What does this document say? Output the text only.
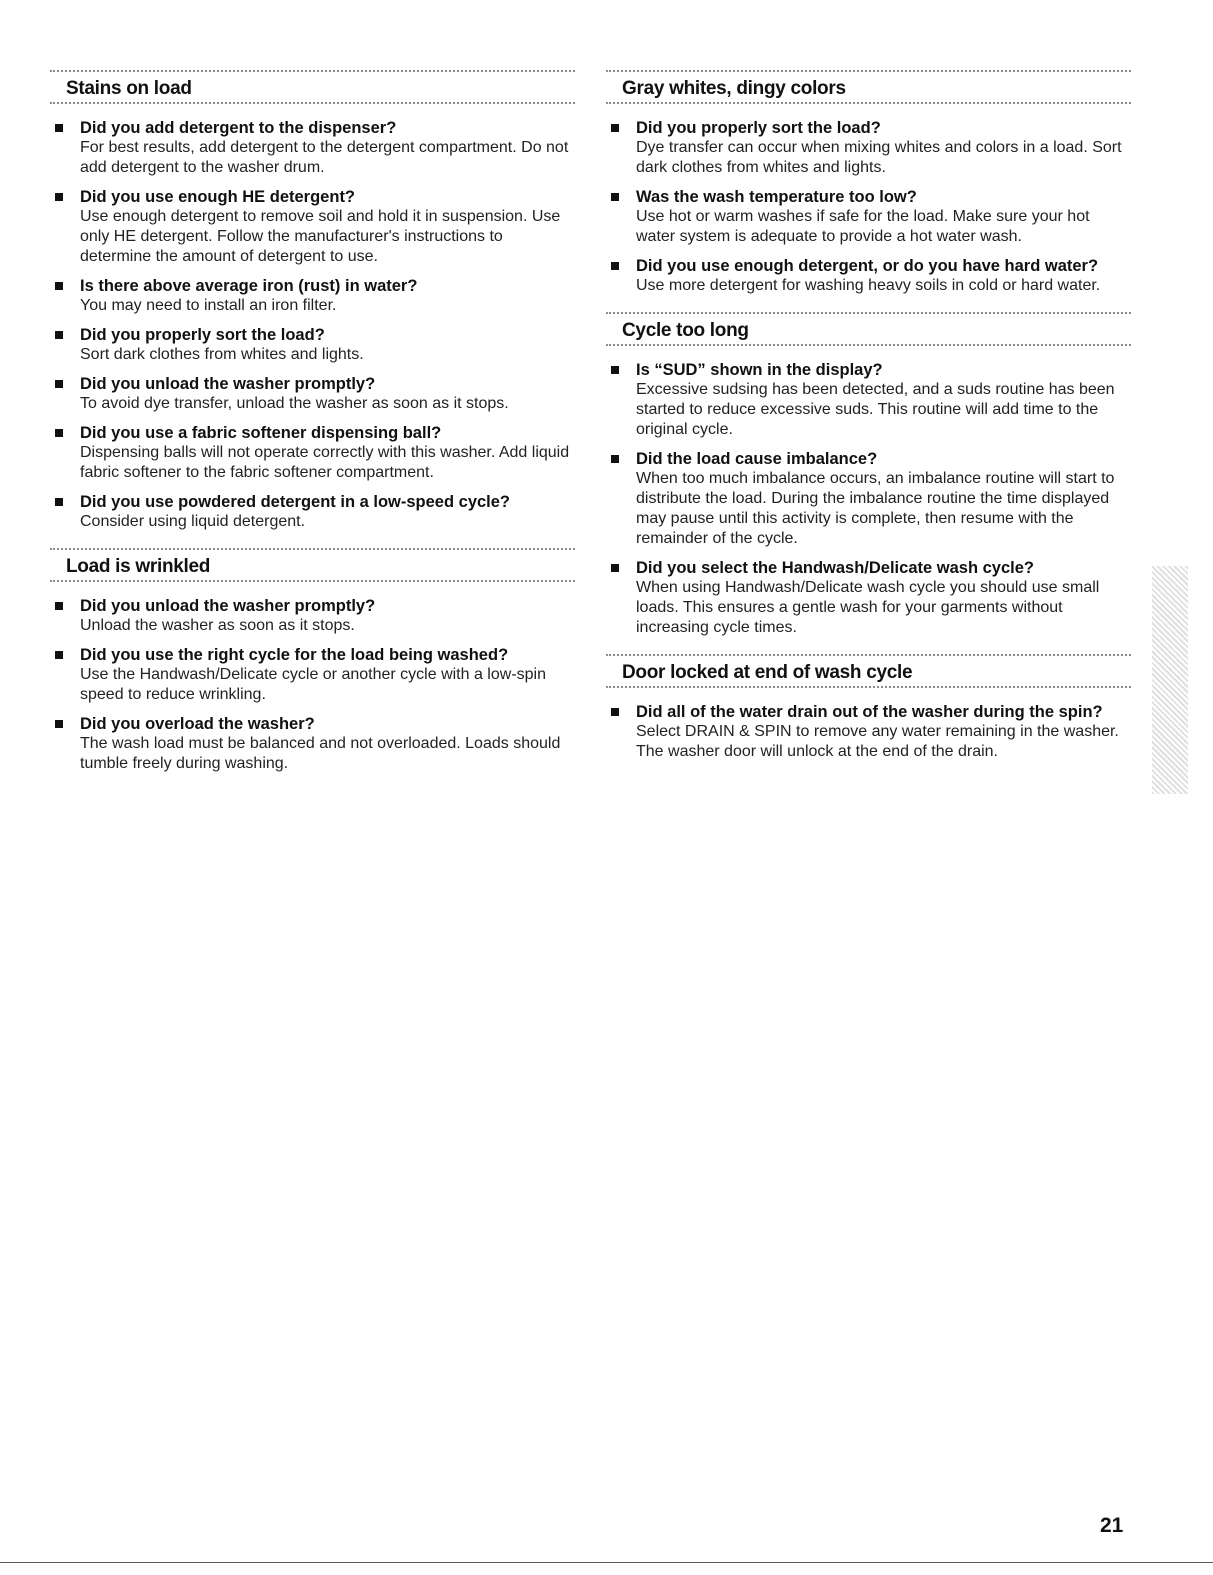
Stains on load
Did you add detergent to the dispenser?
For best results, add detergent to the detergent compartment. Do not add detergent to the washer drum.
Did you use enough HE detergent?
Use enough detergent to remove soil and hold it in suspension. Use only HE detergent. Follow the manufacturer's instructions to determine the amount of detergent to use.
Is there above average iron (rust) in water?
You may need to install an iron filter.
Did you properly sort the load?
Sort dark clothes from whites and lights.
Did you unload the washer promptly?
To avoid dye transfer, unload the washer as soon as it stops.
Did you use a fabric softener dispensing ball?
Dispensing balls will not operate correctly with this washer. Add liquid fabric softener to the fabric softener compartment.
Did you use powdered detergent in a low-speed cycle?
Consider using liquid detergent.
Load is wrinkled
Did you unload the washer promptly?
Unload the washer as soon as it stops.
Did you use the right cycle for the load being washed?
Use the Handwash/Delicate cycle or another cycle with a low-spin speed to reduce wrinkling.
Did you overload the washer?
The wash load must be balanced and not overloaded. Loads should tumble freely during washing.
Gray whites, dingy colors
Did you properly sort the load?
Dye transfer can occur when mixing whites and colors in a load. Sort dark clothes from whites and lights.
Was the wash temperature too low?
Use hot or warm washes if safe for the load. Make sure your hot water system is adequate to provide a hot water wash.
Did you use enough detergent, or do you have hard water?
Use more detergent for washing heavy soils in cold or hard water.
Cycle too long
Is “SUD” shown in the display?
Excessive sudsing has been detected, and a suds routine has been started to reduce excessive suds. This routine will add time to the original cycle.
Did the load cause imbalance?
When too much imbalance occurs, an imbalance routine will start to distribute the load. During the imbalance routine the time displayed may pause until this activity is complete, then resume with the remainder of the cycle.
Did you select the Handwash/Delicate wash cycle?
When using Handwash/Delicate wash cycle you should use small loads. This ensures a gentle wash for your garments without increasing cycle times.
Door locked at end of wash cycle
Did all of the water drain out of the washer during the spin?
Select DRAIN & SPIN to remove any water remaining in the washer. The washer door will unlock at the end of the drain.
21
